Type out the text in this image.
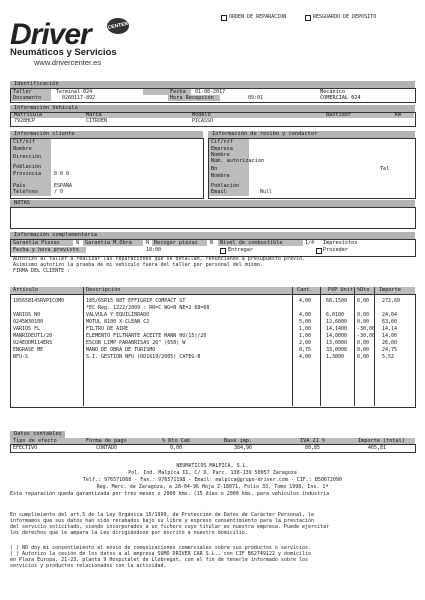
ORDEN DE REPARACION	RESGUARDO DE DEPOSITO
CENTER
Driver
Neumáticos y Servicios
www.drivercenter.es
Identificación
Taller	Terminal 024	Fecha 01-08-2017	Mecánico
Documento	0260117-892	Hora Recepción	09:01	COMERCIAL 024
Información Vehículo
Matrícula	Marca	Modelo	Bastidor	Km
7928HCP	CITROEN	PICASSO
Información cliente	Información de recibo y conductor
Cif/nif
Nombre
Dirección
Población
Provincia	0 0 0
País	ESPAÑA
Teléfono	/ 0
Cif/nif
Empresa
Nombre
Núm. autorización
Bn	Tel
Nombre
Población
Email	Null
NOTAS
Información complementaria
Garantía Piezas	N Garantía M.Obra	N Recoger piezas N Nivel de combustible	1/4 Imprevistos
Fecha y hora previsto	18:00	Entregar	Proceder
Autorizo al taller a realizar las reparaciones que se detallan, renunciando a presupuesto previo.
Asimismo autorizo la prueba de mi vehículo fuera del taller por personal del mismo.
FIRMA DEL CLIENTE :
Artículo	Descripción	Cant.	PVP Unit %Dto Importe
185658145RVPICOMO	185/65R15 88T EFFIGRIP COMPACT GT	4,00	68,1500 0,00	272,60
*EC Reg. 1222/2009 : RR=C WG=B NE=2 68=68
VARIOS N0	VALVULA Y EQUILIBRADO	4,00	6,0100	0,00	24,04
0245W30100	MOTUL 8100 X-CLEAN C2	5,00	12,6000 0,00	63,00
VARIOS FL	FILTRO DE AIRE	1,00	14,1400 -30,00 14,14
MANRIDEUT1/20	ELEMENTO FILTRANTE ACEITE MANN HU(15)/20	1,00	14,0000 -30,00 14,00
024EODM114ERS	ESCOB LIMP PARABRISAS 26" (650) W	2,00	13,0000 0,00	26,00
ENGRASE ME	MANO DE OBRA DE TURISMO	0,75	33,0000 0,00	24,75
NFU-S	S.I. GESTION NFU (RD1619/2005) CATEG-B	4,00	1,3800	0,00	5,52
Datos contables
Tipo de efecto	Forma de pago	% Dto Cab	Base imp.	IVA 21 %	Importe (total)
EFECTIVO	CONTADO	0,00	384,96	80,85	465,81
NEUMATICOS MALPICA, S.L.
Pol. Ind. Malpica II, C/ D, Parc. 138-139 50057 Zaragoza
Telf.: 976571068 - Fax.: 976571198 - Email: malpica@grupo-driver.com - CIF.: B50672090
Reg. Merc. de Zaragoza, a 28-04-96 Hoja Z-18071, Folio 33, Tomo 1998, Ins. 1ª
Esta reparación queda garantizada por tres meses o 2000 kms. (15 días o 2000 kms. para vehículos industria
En cumplimiento del art.5 de la Ley Orgánica 15/1999, de Protección de Datos de Carácter Personal, le
informamos que sus datos han sido recabados bajo su libre y expreso consentimiento para la prestación
del servicio solicitado, siendo incorporados a un fichero cuyo titular es nuestra empresa. Puede ejercitar
los derechos que le ampara la Ley dirigiéndose por escrito a nuestro domicilio.
( ) NO doy mi consentimiento al envío de comunicaciones comerciales sobre sus productos o servicios.
( ) Autorizo la cesión de los datos a al empresa SUMO DRIVER CAR S.L., con CIF B62749122 y domicilio
en Plaza Europa, 21-23, planta 9 Hospitalet de Llobregat, con el fin de tenerle informado sobre los
servicios y productos relacionados con la actividad.
